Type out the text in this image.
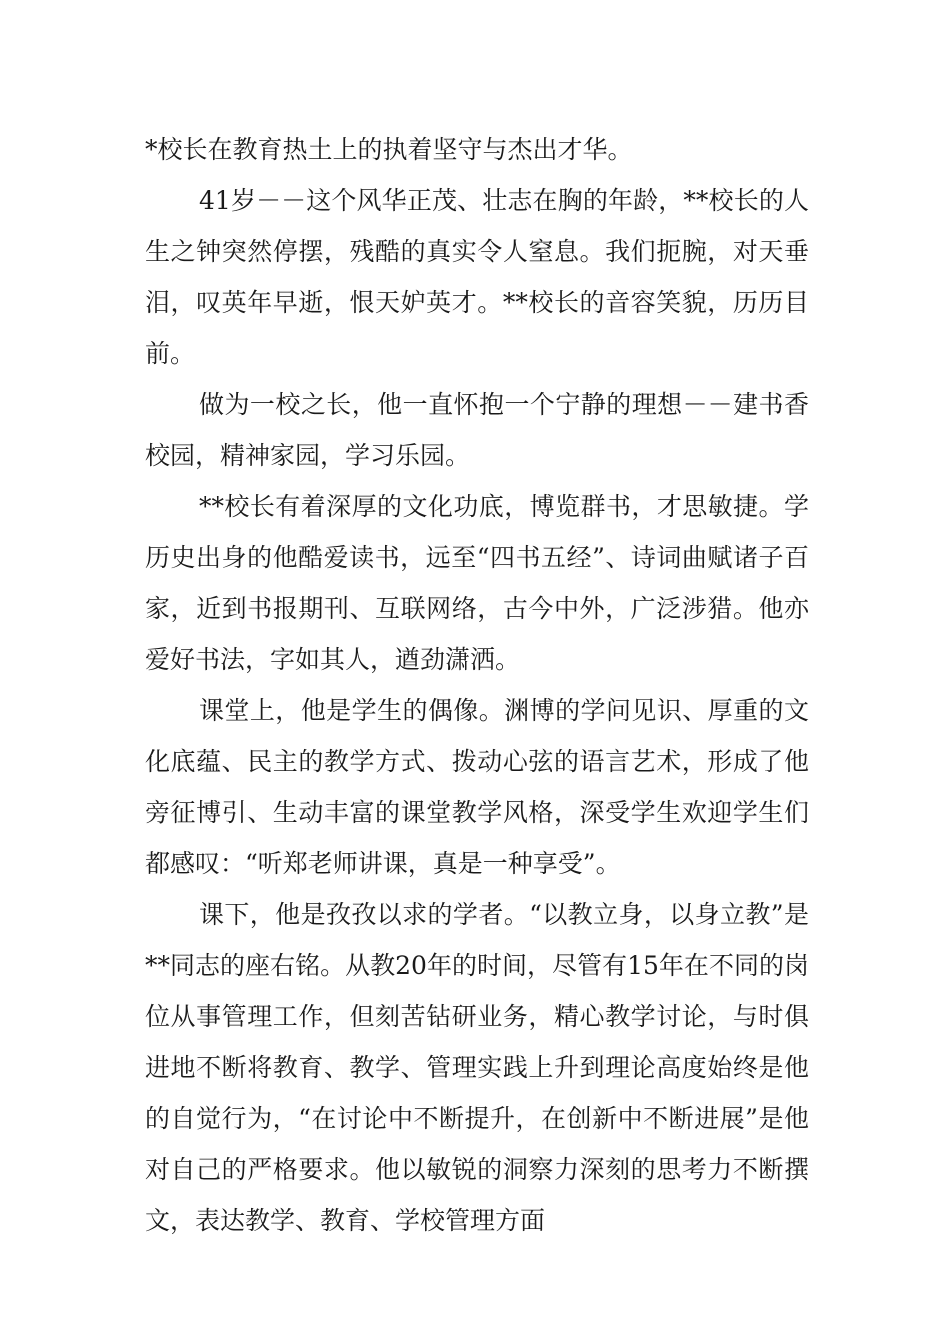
*校长在教育热土上的执着坚守与杰出才华。

41岁－－这个风华正茂、壮志在胸的年龄，**校长的人生之钟突然停摆，残酷的真实令人窒息。我们扼腕，对天垂泪，叹英年早逝，恨天妒英才。**校长的音容笑貌，历历目前。

做为一校之长，他一直怀抱一个宁静的理想－－建书香校园，精神家园，学习乐园。

**校长有着深厚的文化功底，博览群书，才思敏捷。学历史出身的他酷爱读书，远至“四书五经”、诗词曲赋诸子百家，近到书报期刊、互联网络，古今中外，广泛涉猎。他亦爱好书法，字如其人，遒劲潇洒。

课堂上，他是学生的偶像。渊博的学问见识、厚重的文化底蕴、民主的教学方式、拨动心弦的语言艺术，形成了他旁征博引、生动丰富的课堂教学风格，深受学生欢迎学生们都感叹：“听郑老师讲课，真是一种享受”。

课下，他是孜孜以求的学者。“以教立身，以身立教”是**同志的座右铭。从教20年的时间，尽管有15年在不同的岗位从事管理工作，但刻苦钻研业务，精心教学讨论，与时俱进地不断将教育、教学、管理实践上升到理论高度始终是他的自觉行为，“在讨论中不断提升，在创新中不断进展”是他对自己的严格要求。他以敏锐的洞察力深刻的思考力不断撰文，表达教学、教育、学校管理方面
